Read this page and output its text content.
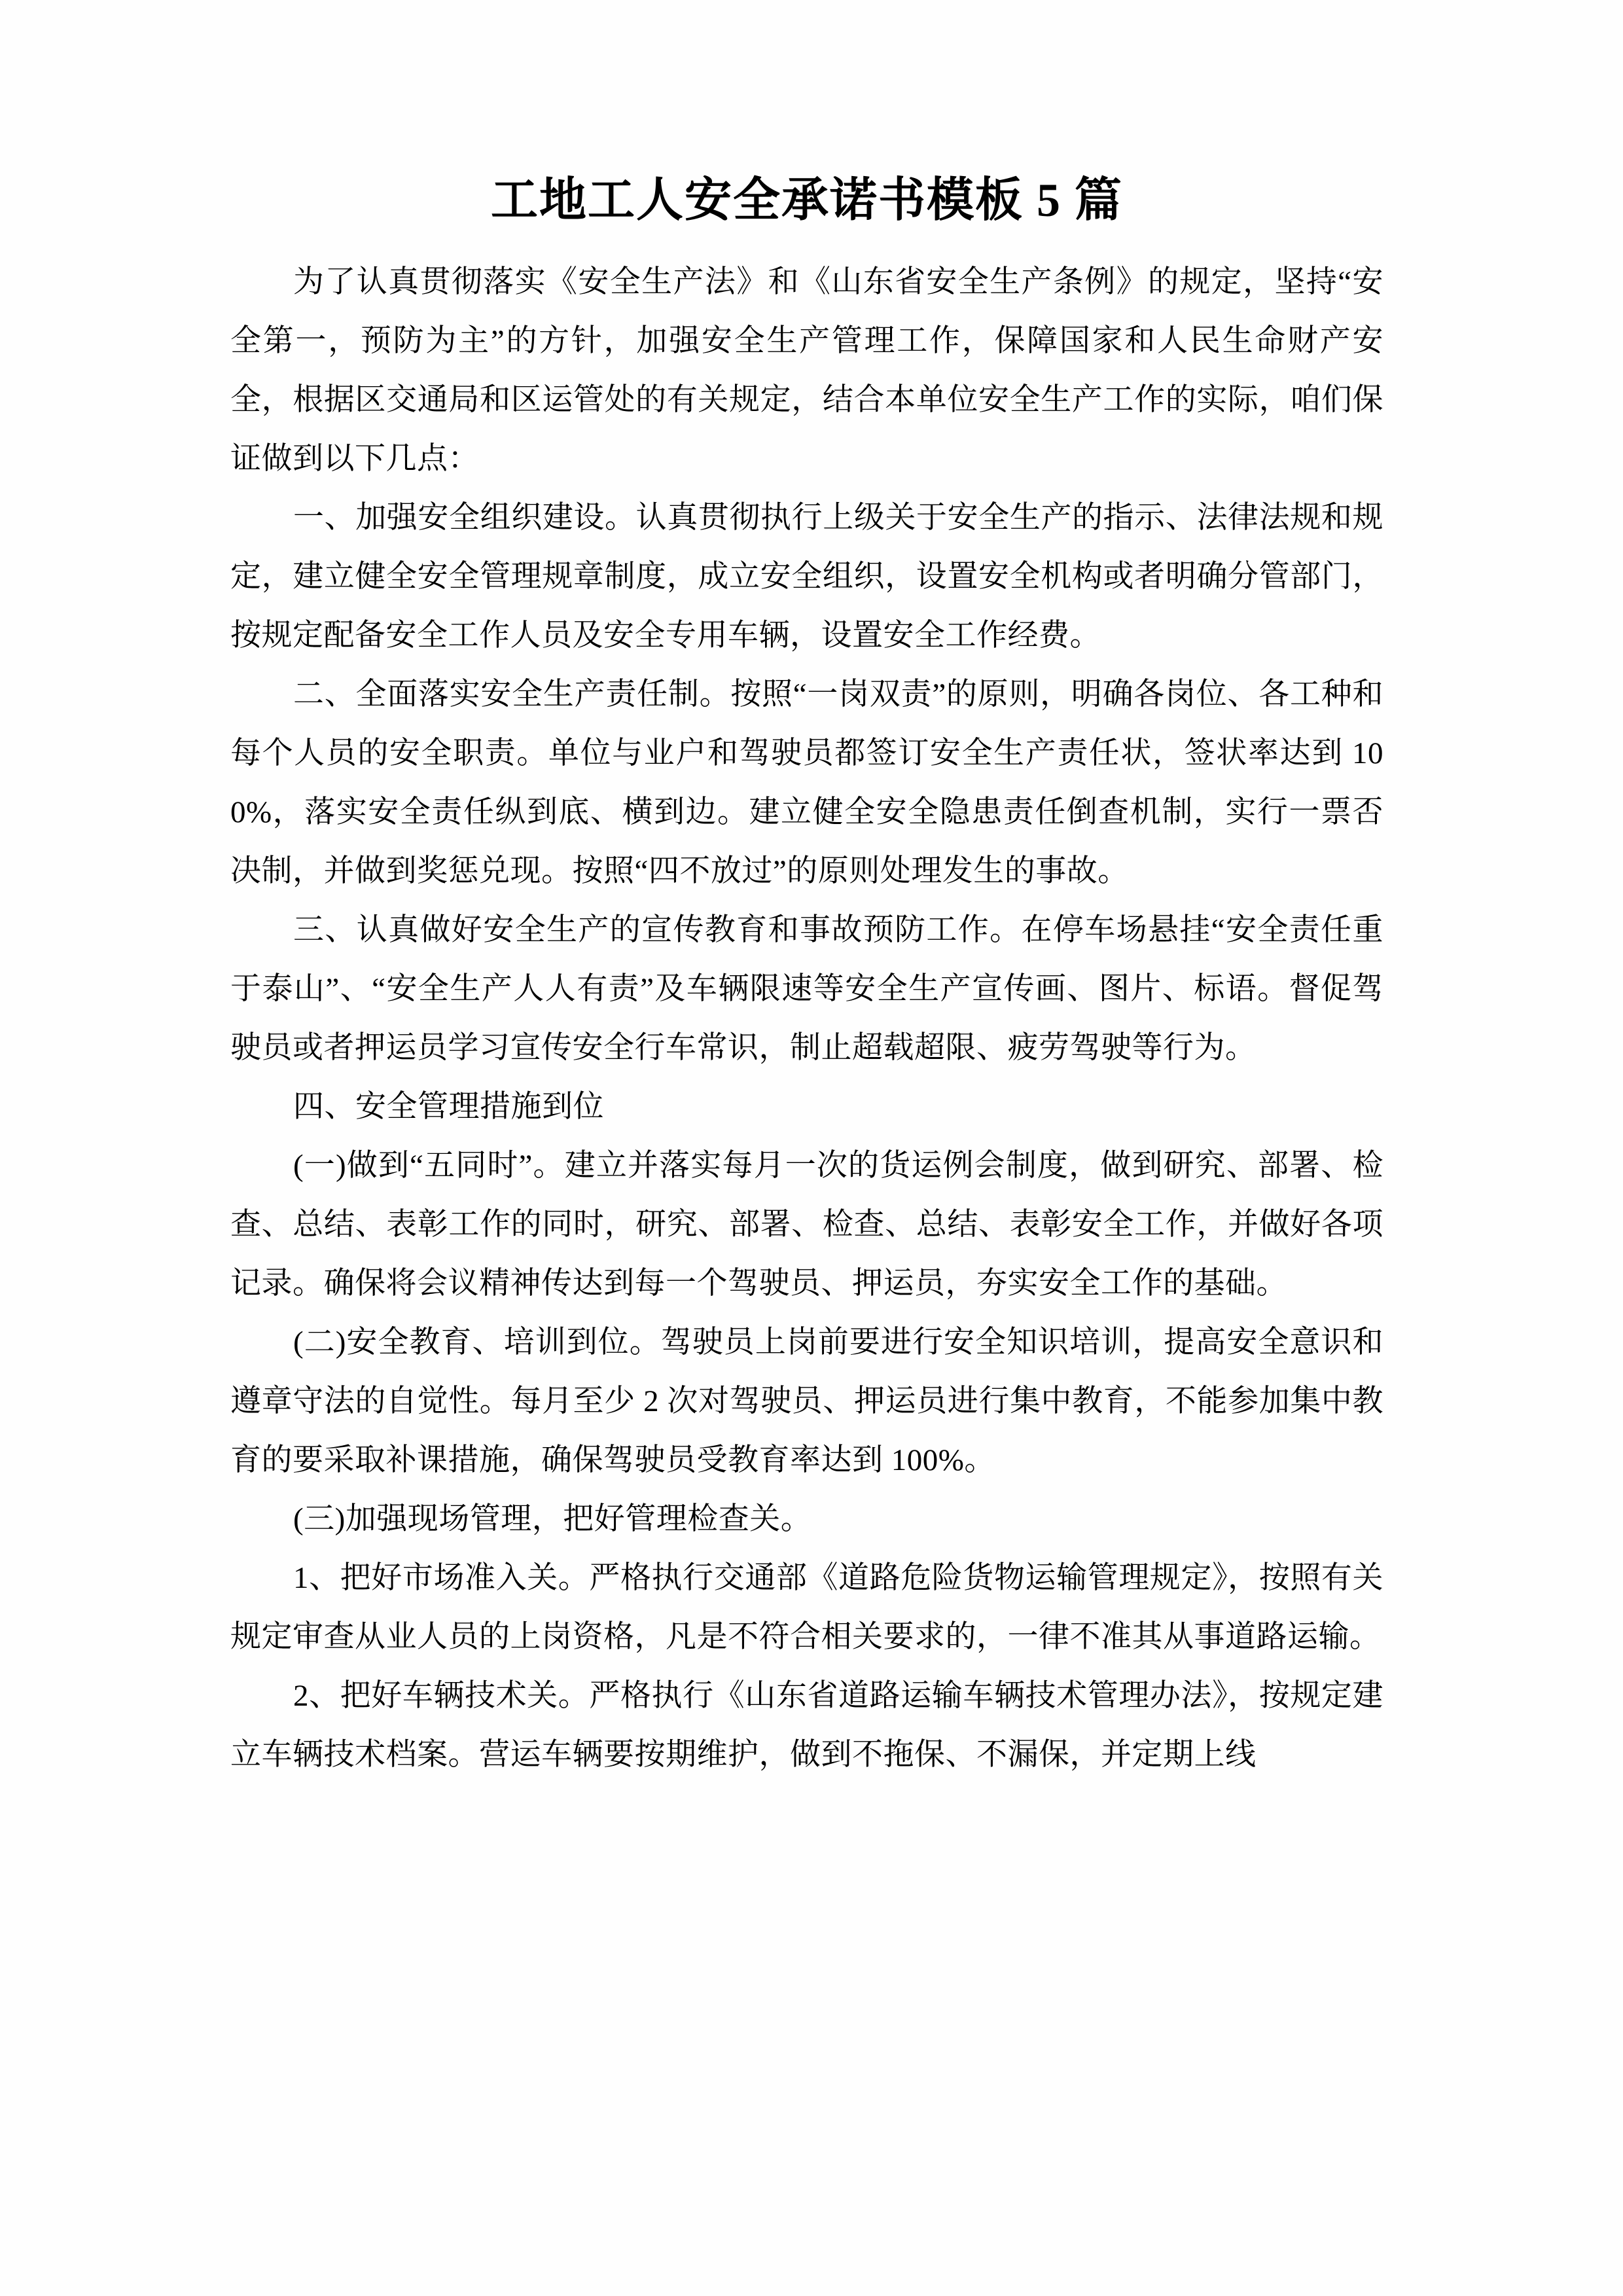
工地工人安全承诺书模板 5 篇

为了认真贯彻落实《安全生产法》和《山东省安全生产条例》的规定，坚持“安全第一，预防为主”的方针，加强安全生产管理工作，保障国家和人民生命财产安全，根据区交通局和区运管处的有关规定，结合本单位安全生产工作的实际，咱们保证做到以下几点：

一、加强安全组织建设。认真贯彻执行上级关于安全生产的指示、法律法规和规定，建立健全安全管理规章制度，成立安全组织，设置安全机构或者明确分管部门，按规定配备安全工作人员及安全专用车辆，设置安全工作经费。

二、全面落实安全生产责任制。按照“一岗双责”的原则，明确各岗位、各工种和每个人员的安全职责。单位与业户和驾驶员都签订安全生产责任状，签状率达到 100%，落实安全责任纵到底、横到边。建立健全安全隐患责任倒查机制，实行一票否决制，并做到奖惩兑现。按照“四不放过”的原则处理发生的事故。

三、认真做好安全生产的宣传教育和事故预防工作。在停车场悬挂“安全责任重于泰山”、“安全生产人人有责”及车辆限速等安全生产宣传画、图片、标语。督促驾驶员或者押运员学习宣传安全行车常识，制止超载超限、疲劳驾驶等行为。

四、安全管理措施到位

(一)做到“五同时”。建立并落实每月一次的货运例会制度，做到研究、部署、检查、总结、表彰工作的同时，研究、部署、检查、总结、表彰安全工作，并做好各项记录。确保将会议精神传达到每一个驾驶员、押运员，夯实安全工作的基础。

(二)安全教育、培训到位。驾驶员上岗前要进行安全知识培训，提高安全意识和遵章守法的自觉性。每月至少 2 次对驾驶员、押运员进行集中教育，不能参加集中教育的要采取补课措施，确保驾驶员受教育率达到 100%。

(三)加强现场管理，把好管理检查关。

1、把好市场准入关。严格执行交通部《道路危险货物运输管理规定》，按照有关规定审查从业人员的上岗资格，凡是不符合相关要求的，一律不准其从事道路运输。

2、把好车辆技术关。严格执行《山东省道路运输车辆技术管理办法》，按规定建立车辆技术档案。营运车辆要按期维护，做到不拖保、不漏保，并定期上线
